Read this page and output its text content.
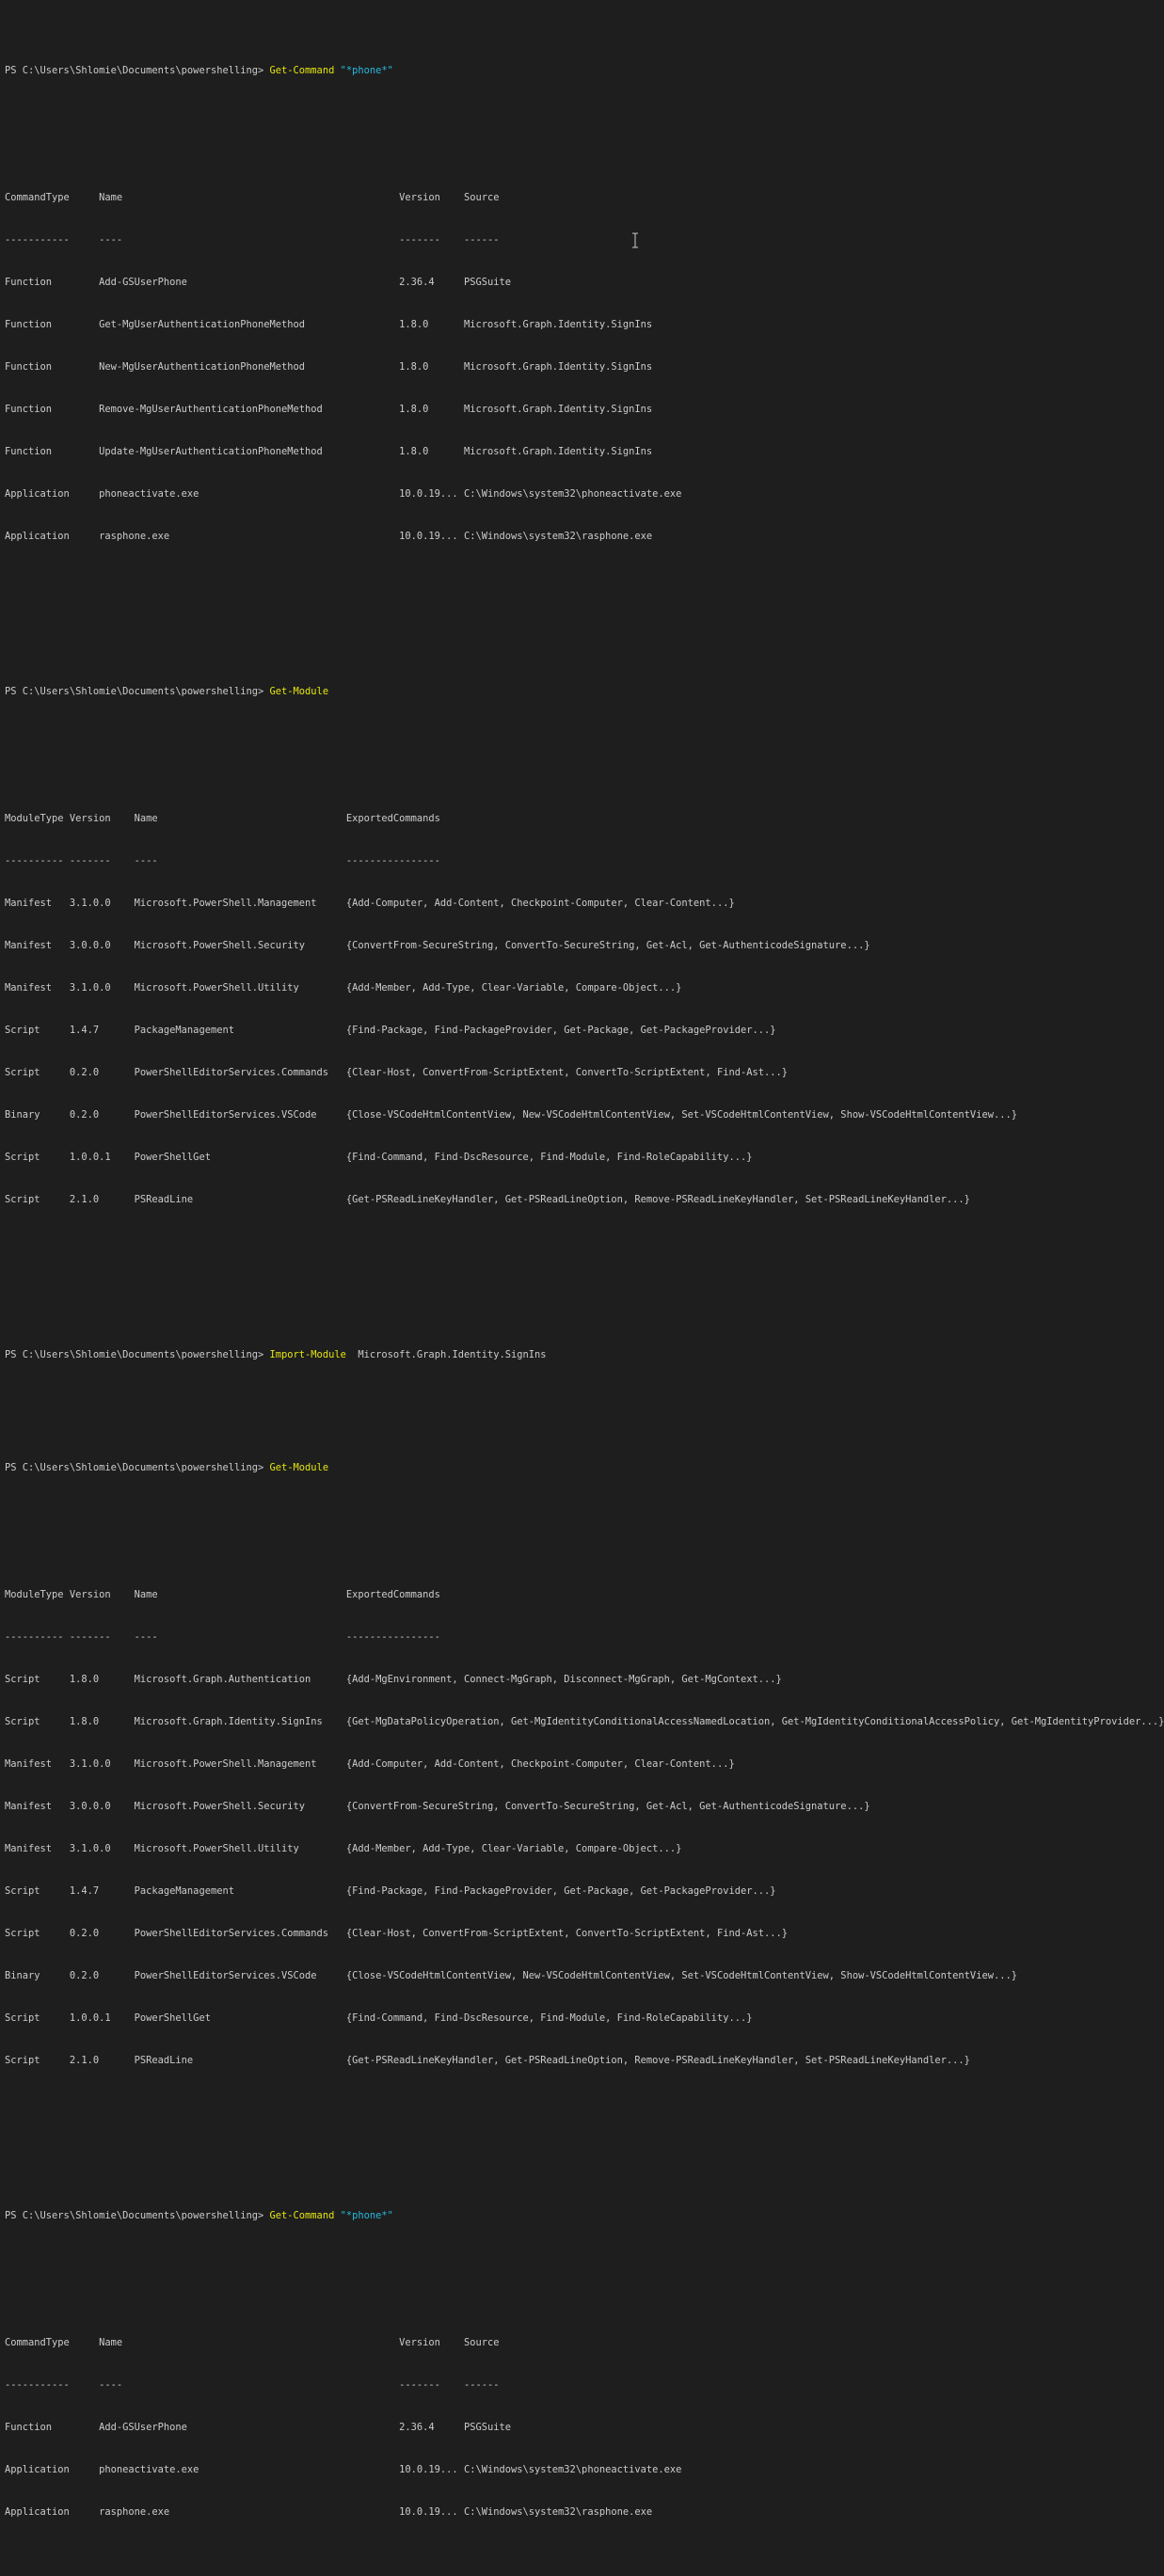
PS C:\Users\Shlomie\Documents\powershelling> Get-Command "*phone*"

CommandType     Name                                               Version    Source

-----------     ----                                               -------    ------

Function        Add-GSUserPhone                                    2.36.4     PSGSuite

Function        Get-MgUserAuthenticationPhoneMethod                1.8.0      Microsoft.Graph.Identity.SignIns

Function        New-MgUserAuthenticationPhoneMethod                1.8.0      Microsoft.Graph.Identity.SignIns

Function        Remove-MgUserAuthenticationPhoneMethod             1.8.0      Microsoft.Graph.Identity.SignIns

Function        Update-MgUserAuthenticationPhoneMethod             1.8.0      Microsoft.Graph.Identity.SignIns

Application     phoneactivate.exe                                  10.0.19... C:\Windows\system32\phoneactivate.exe

Application     rasphone.exe                                       10.0.19... C:\Windows\system32\rasphone.exe

PS C:\Users\Shlomie\Documents\powershelling> Get-Module

ModuleType Version    Name                                ExportedCommands

---------- -------    ----                                ----------------

Manifest   3.1.0.0    Microsoft.PowerShell.Management     {Add-Computer, Add-Content, Checkpoint-Computer, Clear-Content...}

Manifest   3.0.0.0    Microsoft.PowerShell.Security       {ConvertFrom-SecureString, ConvertTo-SecureString, Get-Acl, Get-AuthenticodeSignature...}

Manifest   3.1.0.0    Microsoft.PowerShell.Utility        {Add-Member, Add-Type, Clear-Variable, Compare-Object...}

Script     1.4.7      PackageManagement                   {Find-Package, Find-PackageProvider, Get-Package, Get-PackageProvider...}

Script     0.2.0      PowerShellEditorServices.Commands   {Clear-Host, ConvertFrom-ScriptExtent, ConvertTo-ScriptExtent, Find-Ast...}

Binary     0.2.0      PowerShellEditorServices.VSCode     {Close-VSCodeHtmlContentView, New-VSCodeHtmlContentView, Set-VSCodeHtmlContentView, Show-VSCodeHtmlContentView...}

Script     1.0.0.1    PowerShellGet                       {Find-Command, Find-DscResource, Find-Module, Find-RoleCapability...}

Script     2.1.0      PSReadLine                          {Get-PSReadLineKeyHandler, Get-PSReadLineOption, Remove-PSReadLineKeyHandler, Set-PSReadLineKeyHandler...}

PS C:\Users\Shlomie\Documents\powershelling> Import-Module  Microsoft.Graph.Identity.SignIns

PS C:\Users\Shlomie\Documents\powershelling> Get-Module

ModuleType Version    Name                                ExportedCommands

---------- -------    ----                                ----------------

Script     1.8.0      Microsoft.Graph.Authentication      {Add-MgEnvironment, Connect-MgGraph, Disconnect-MgGraph, Get-MgContext...}

Script     1.8.0      Microsoft.Graph.Identity.SignIns    {Get-MgDataPolicyOperation, Get-MgIdentityConditionalAccessNamedLocation, Get-MgIdentityConditionalAccessPolicy, Get-MgIdentityProvider...}

Manifest   3.1.0.0    Microsoft.PowerShell.Management     {Add-Computer, Add-Content, Checkpoint-Computer, Clear-Content...}

Manifest   3.0.0.0    Microsoft.PowerShell.Security       {ConvertFrom-SecureString, ConvertTo-SecureString, Get-Acl, Get-AuthenticodeSignature...}

Manifest   3.1.0.0    Microsoft.PowerShell.Utility        {Add-Member, Add-Type, Clear-Variable, Compare-Object...}

Script     1.4.7      PackageManagement                   {Find-Package, Find-PackageProvider, Get-Package, Get-PackageProvider...}

Script     0.2.0      PowerShellEditorServices.Commands   {Clear-Host, ConvertFrom-ScriptExtent, ConvertTo-ScriptExtent, Find-Ast...}

Binary     0.2.0      PowerShellEditorServices.VSCode     {Close-VSCodeHtmlContentView, New-VSCodeHtmlContentView, Set-VSCodeHtmlContentView, Show-VSCodeHtmlContentView...}

Script     1.0.0.1    PowerShellGet                       {Find-Command, Find-DscResource, Find-Module, Find-RoleCapability...}

Script     2.1.0      PSReadLine                          {Get-PSReadLineKeyHandler, Get-PSReadLineOption, Remove-PSReadLineKeyHandler, Set-PSReadLineKeyHandler...}

PS C:\Users\Shlomie\Documents\powershelling> Get-Command "*phone*"

CommandType     Name                                               Version    Source

-----------     ----                                               -------    ------

Function        Add-GSUserPhone                                    2.36.4     PSGSuite

Application     phoneactivate.exe                                  10.0.19... C:\Windows\system32\phoneactivate.exe

Application     rasphone.exe                                       10.0.19... C:\Windows\system32\rasphone.exe
